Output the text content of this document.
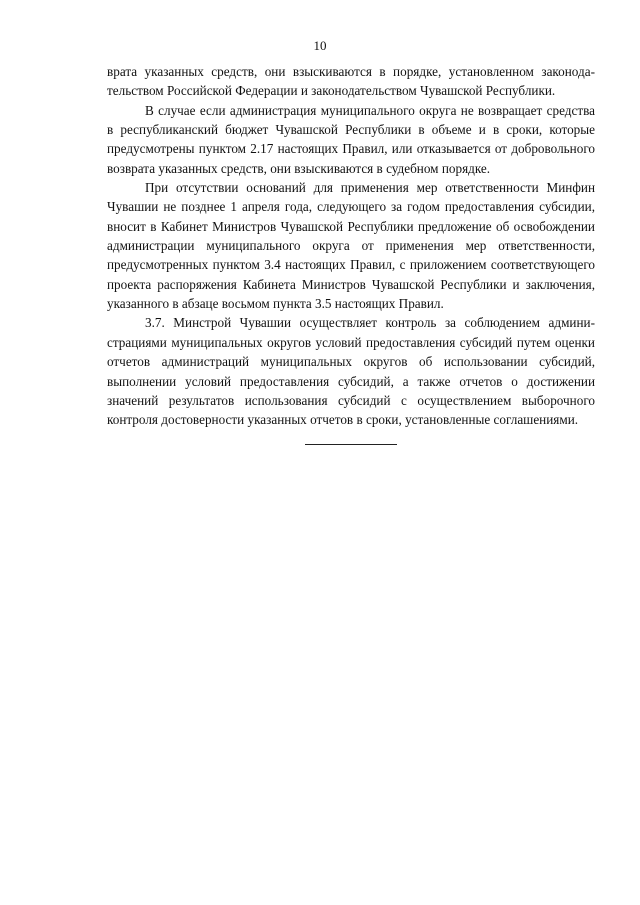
10

врата указанных средств, они взыскиваются в порядке, установленном законодательством Российской Федерации и законодательством Чувашской Республики.

В случае если администрация муниципального округа не возвращает средства в республиканский бюджет Чувашской Республики в объеме и в сроки, которые предусмотрены пунктом 2.17 настоящих Правил, или отказывается от добровольного возврата указанных средств, они взыскиваются в судебном порядке.

При отсутствии оснований для применения мер ответственности Минфин Чувашии не позднее 1 апреля года, следующего за годом предоставления субсидии, вносит в Кабинет Министров Чувашской Республики предложение об освобождении администрации муниципального округа от применения мер ответственности, предусмотренных пунктом 3.4 настоящих Правил, с приложением соответствующего проекта распоряжения Кабинета Министров Чувашской Республики и заключения, указанного в абзаце восьмом пункта 3.5 настоящих Правил.

3.7. Минстрой Чувашии осуществляет контроль за соблюдением администрациями муниципальных округов условий предоставления субсидий путем оценки отчетов администраций муниципальных округов об использовании субсидий, выполнении условий предоставления субсидий, а также отчетов о достижении значений результатов использования субсидий с осуществлением выборочного контроля достоверности указанных отчетов в сроки, установленные соглашениями.
